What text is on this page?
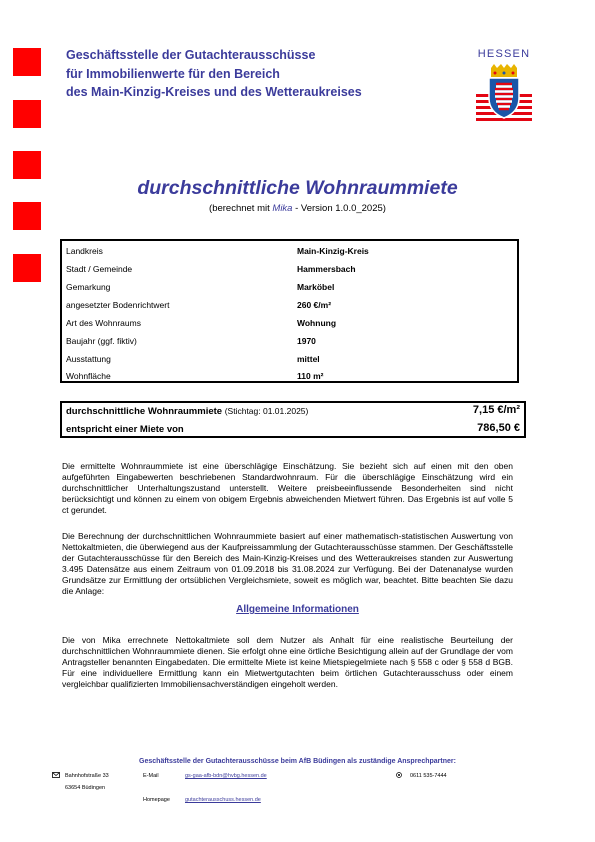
Geschäftsstelle der Gutachterausschüsse
für Immobilienwerte für den Bereich
des Main-Kinzig-Kreises und des Wetteraukreises
HESSEN
durchschnittliche Wohnraummiete
(berechnet mit Mika - Version 1.0.0_2025)
Landkreis	Main-Kinzig-Kreis
Stadt / Gemeinde	Hammersbach
Gemarkung	Marköbel
angesetzter Bodenrichtwert	260 €/m²
Art des Wohnraums	Wohnung
Baujahr (ggf. fiktiv)	1970
Ausstattung	mittel
Wohnfläche	110 m²
durchschnittliche Wohnraummiete (Stichtag: 01.01.2025)	7,15 €/m²
entspricht einer Miete von	786,50 €
Die ermittelte Wohnraummiete ist eine überschlägige Einschätzung. Sie bezieht sich auf einen mit den oben aufgeführten Eingabewerten beschriebenen Standardwohnraum. Für die überschlägige Einschätzung wird ein durchschnittlicher Unterhaltungszustand unterstellt. Weitere preisbeeinflussende Besonderheiten sind nicht berücksichtigt und können zu einem von obigem Ergebnis abweichenden Mietwert führen. Das Ergebnis ist auf volle 5 ct gerundet.
Die Berechnung der durchschnittlichen Wohnraummiete basiert auf einer mathematisch-statistischen Auswertung von Nettokaltmieten, die überwiegend aus der Kaufpreissammlung der Gutachterausschüsse stammen. Der Geschäftsstelle der Gutachterausschüsse für den Bereich des Main-Kinzig-Kreises und des Wetteraukreises standen zur Auswertung 3.495 Datensätze aus einem Zeitraum von 01.09.2018 bis 31.08.2024 zur Verfügung. Bei der Datenanalyse wurden Grundsätze zur Ermittlung der ortsüblichen Vergleichsmiete, soweit es möglich war, beachtet. Bitte beachten Sie dazu die Anlage:
Allgemeine Informationen
Die von Mika errechnete Nettokaltmiete soll dem Nutzer als Anhalt für eine realistische Beurteilung der durchschnittlichen Wohnraummiete dienen. Sie erfolgt ohne eine örtliche Besichtigung allein auf der Grundlage der vom Antragsteller benannten Eingabedaten. Die ermittelte Miete ist keine Mietspiegelmiete nach § 558 c oder § 558 d BGB. Für eine individuellere Ermittlung kann ein Mietwertgutachten beim örtlichen Gutachterausschuss oder einem vergleichbar qualifizierten Immobiliensachverständigen eingeholt werden.
Geschäftsstelle der Gutachterausschüsse beim AfB Büdingen als zuständige Ansprechpartner:
Bahnhofstraße 33
63654 Büdingen
E-Mail	gs-gaa-afb-bdn@hvbg.hessen.de	0611 535-7444
Homepage	gutachterausschuss.hessen.de
